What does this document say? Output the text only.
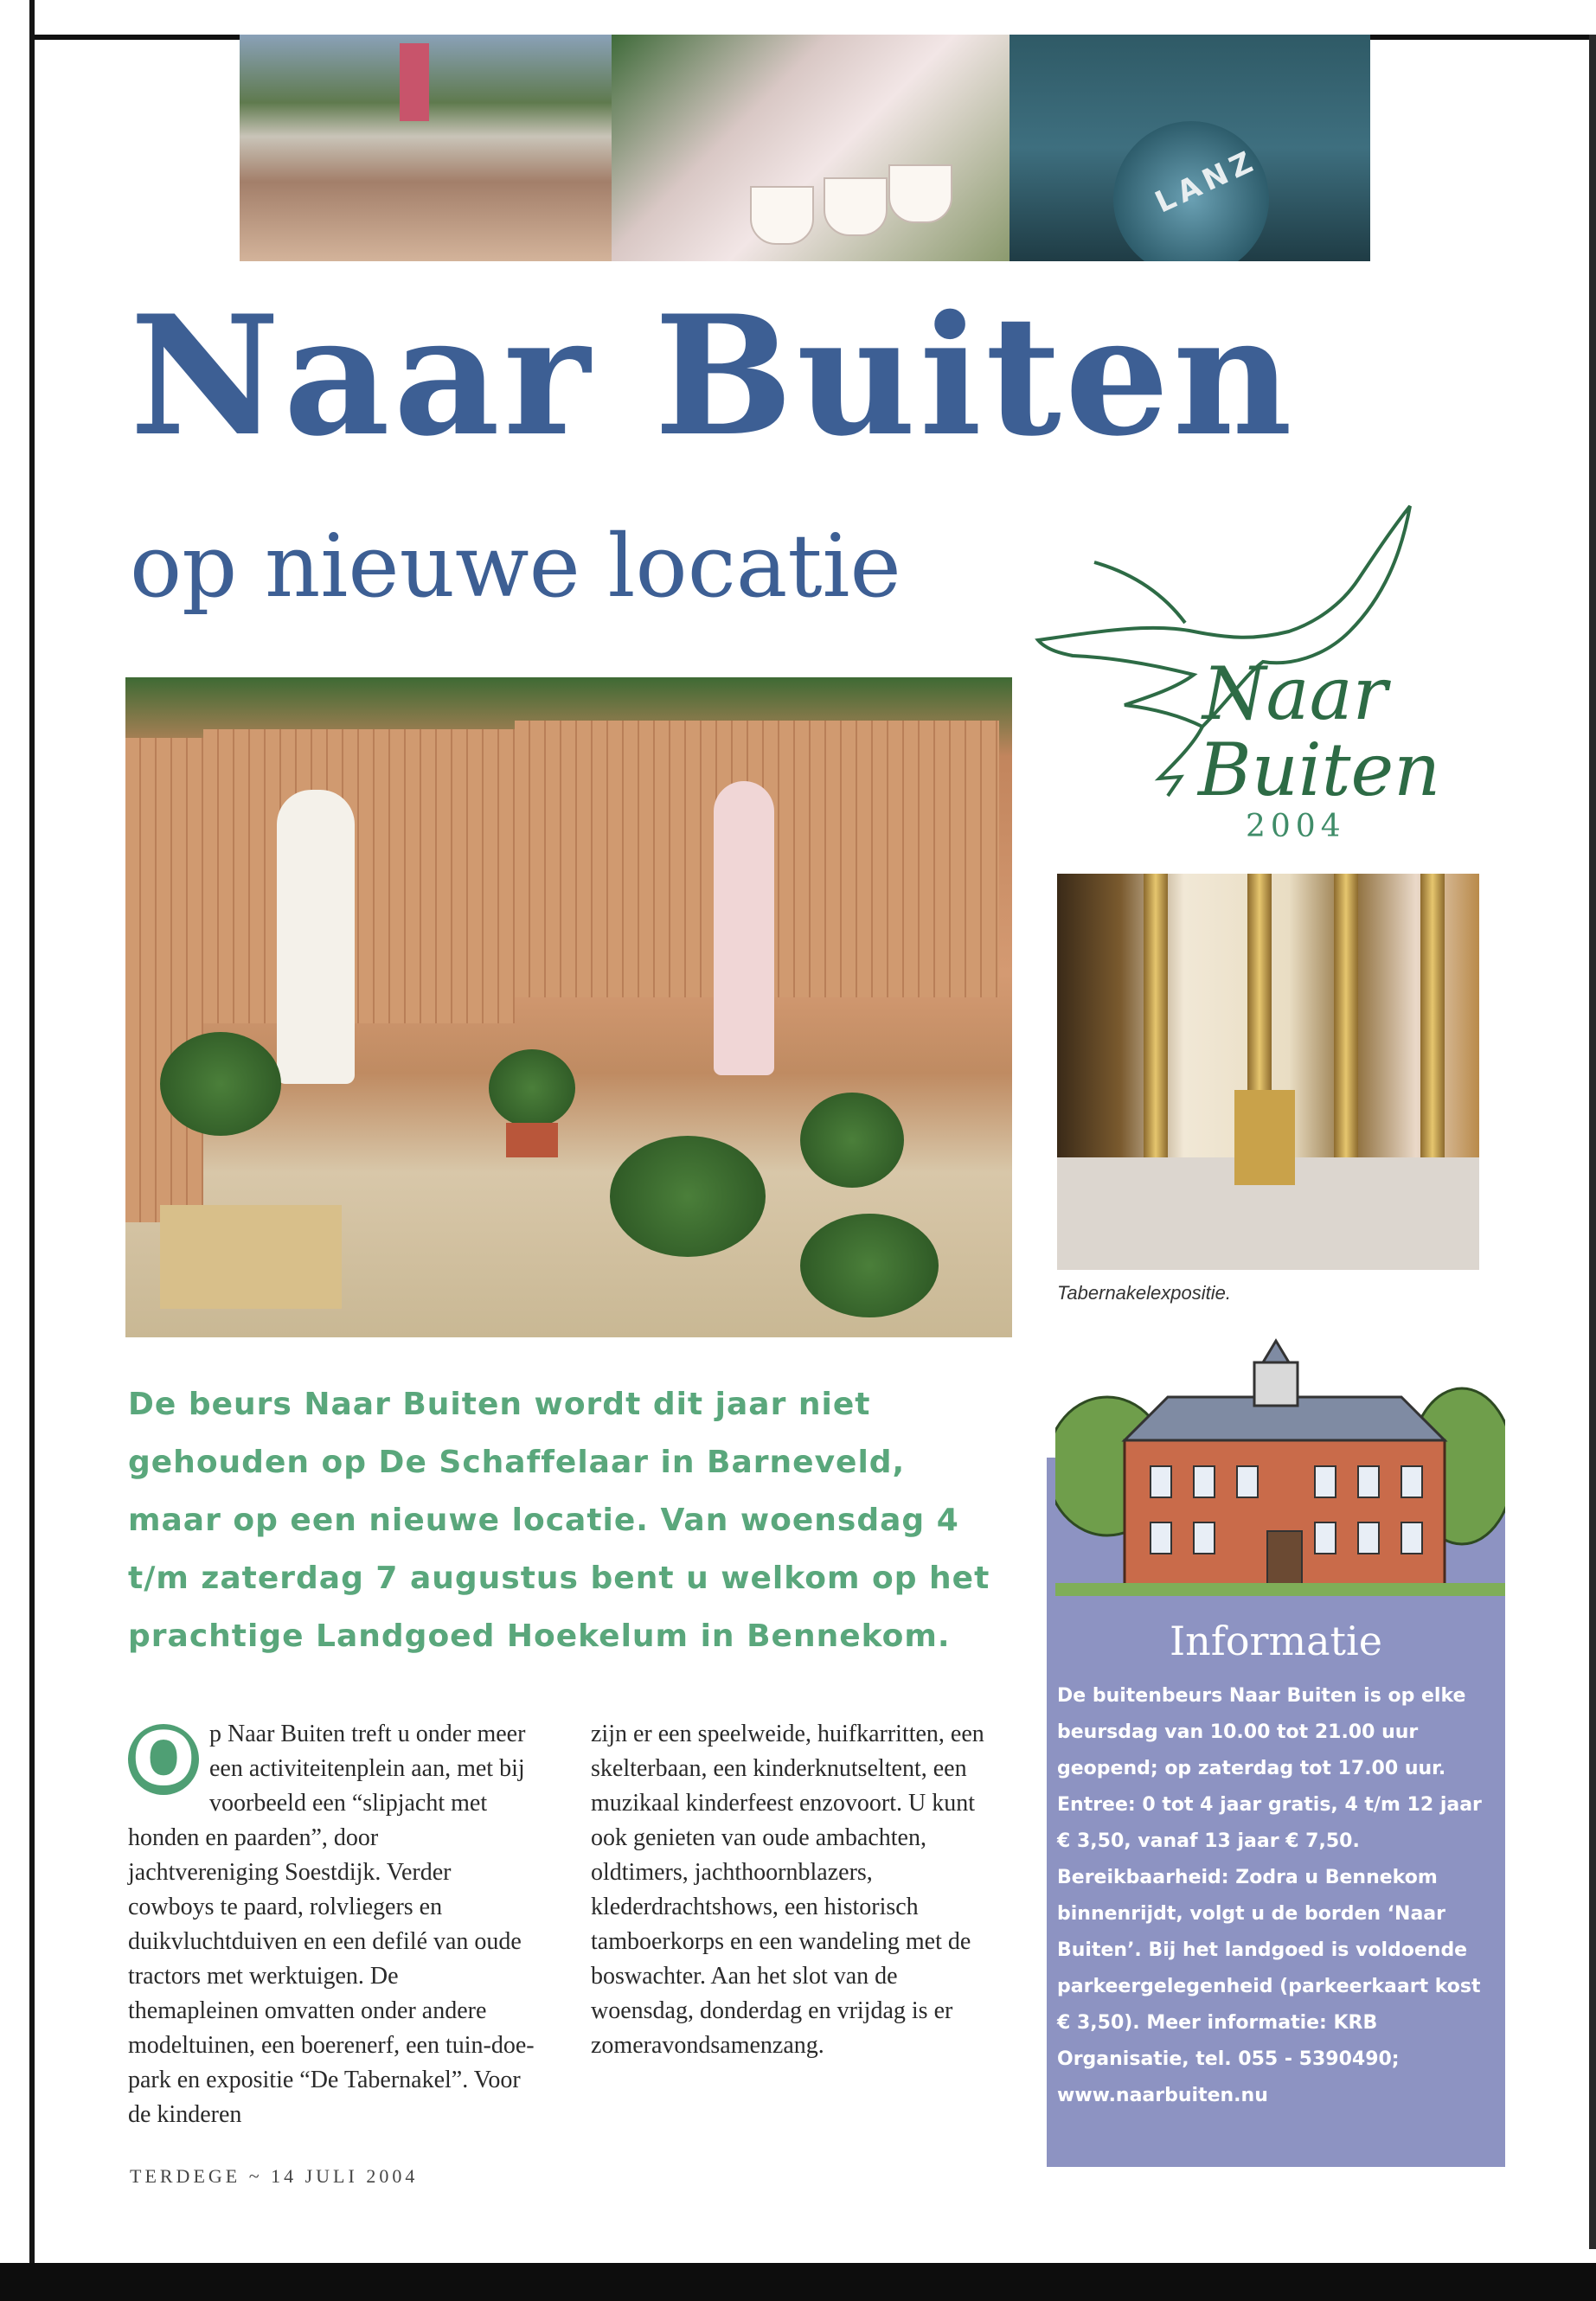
LANZ
Naar Buiten
op nieuwe locatie
Naar
Buiten
2004
Tabernakelexpositie.

De beurs Naar Buiten wordt dit jaar niet gehouden op De Schaffelaar in Barneveld, maar op een nieuwe locatie. Van woensdag 4 t/m zaterdag 7 augustus bent u welkom op het prachtige Landgoed Hoekelum in Bennekom.

O p Naar Buiten treft u onder meer een activiteitenplein aan, met bij voorbeeld een “slipjacht met honden en paarden”, door jachtvereniging Soestdijk. Verder cowboys te paard, rolvliegers en duikvluchtduiven en een defilé van oude tractors met werktuigen. De themapleinen omvatten onder andere modeltuinen, een boerenerf, een tuin-doe-park en expositie “De Tabernakel”. Voor de kinderen

zijn er een speelweide, huifkarritten, een skelterbaan, een kinderknutseltent, een muzikaal kinderfeest enzovoort. U kunt ook genieten van oude ambachten, oldtimers, jachthoornblazers, klederdrachtshows, een historisch tamboerkorps en een wandeling met de boswachter. Aan het slot van de woensdag, donderdag en vrijdag is er zomeravondsamenzang.

TERDEGE ~ 14 JULI 2004
Informatie

De buitenbeurs Naar Buiten is op elke beursdag van 10.00 tot 21.00 uur geopend; op zaterdag tot 17.00 uur. Entree: 0 tot 4 jaar gratis, 4 t/m 12 jaar € 3,50, vanaf 13 jaar € 7,50. Bereikbaarheid: Zodra u Bennekom binnenrijdt, volgt u de borden ‘Naar Buiten’. Bij het landgoed is voldoende parkeergelegenheid (parkeerkaart kost € 3,50). Meer informatie: KRB Organisatie, tel. 055 - 5390490; www.naarbuiten.nu
